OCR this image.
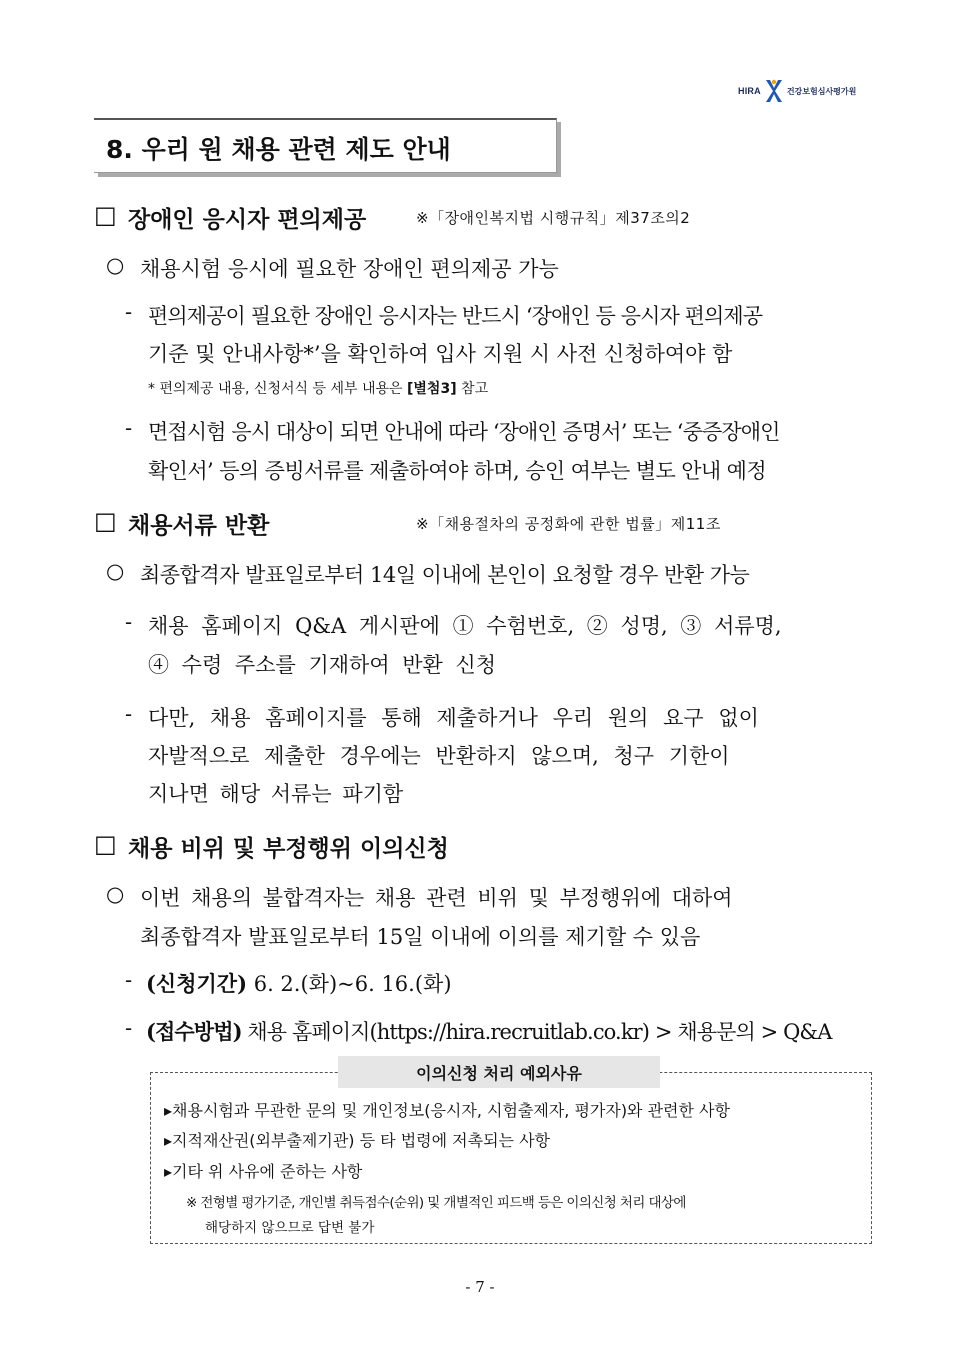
HIRA	건강보험심사평가원
8. 우리 원 채용 관련 제도 안내
□ 장애인 응시자 편의제공	※「장애인복지법 시행규칙」제37조의2
○ 채용시험 응시에 필요한 장애인 편의제공 가능
- 편의제공이 필요한 장애인 응시자는 반드시 ‘장애인 등 응시자 편의제공
기준 및 안내사항*’을 확인하여 입사 지원 시 사전 신청하여야 함
* 편의제공 내용, 신청서식 등 세부 내용은 [별첨3] 참고
- 면접시험 응시 대상이 되면 안내에 따라 ‘장애인 증명서’ 또는 ‘중증장애인
확인서’ 등의 증빙서류를 제출하여야 하며, 승인 여부는 별도 안내 예정
□ 채용서류 반환	※「채용절차의 공정화에 관한 법률」제11조
○ 최종합격자 발표일로부터 14일 이내에 본인이 요청할 경우 반환 가능
- 채용 홈페이지 Q&A 게시판에 ① 수험번호, ② 성명, ③ 서류명,
④ 수령 주소를 기재하여 반환 신청
- 다만, 채용 홈페이지를 통해 제출하거나 우리 원의 요구 없이
자발적으로 제출한 경우에는 반환하지 않으며, 청구 기한이
지나면 해당 서류는 파기함
□ 채용 비위 및 부정행위 이의신청
○ 이번 채용의 불합격자는 채용 관련 비위 및 부정행위에 대하여
최종합격자 발표일로부터 15일 이내에 이의를 제기할 수 있음
- (신청기간) 6. 2.(화)~6. 16.(화)
- (접수방법) 채용 홈페이지(https://hira.recruitlab.co.kr) > 채용문의 > Q&A
이의신청 처리 예외사유
▸채용시험과 무관한 문의 및 개인정보(응시자, 시험출제자, 평가자)와 관련한 사항
▸지적재산권(외부출제기관) 등 타 법령에 저촉되는 사항
▸기타 위 사유에 준하는 사항
※ 전형별 평가기준, 개인별 취득점수(순위) 및 개별적인 피드백 등은 이의신청 처리 대상에
해당하지 않으므로 답변 불가
- 7 -
